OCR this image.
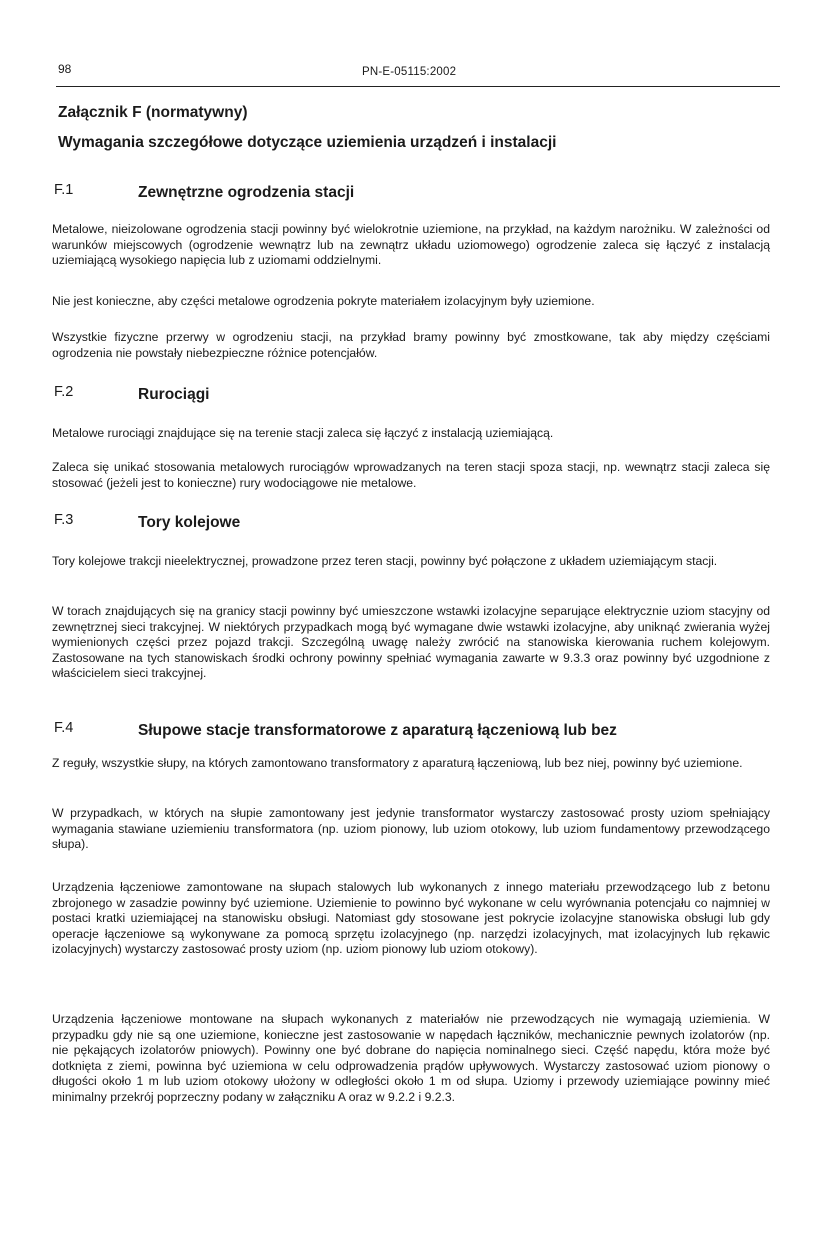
98	PN-E-05115:2002
Załącznik F (normatywny)
Wymagania szczegółowe dotyczące uziemienia urządzeń i instalacji
F.1	Zewnętrzne ogrodzenia stacji

Metalowe, nieizolowane ogrodzenia stacji powinny być wielokrotnie uziemione, na przykład, na każdym narożniku. W zależności od warunków miejscowych (ogrodzenie wewnątrz lub na zewnątrz układu uziomowego) ogrodzenie zaleca się łączyć z instalacją uziemiającą wysokiego napięcia lub z uziomami oddzielnymi.

Nie jest konieczne, aby części metalowe ogrodzenia pokryte materiałem izolacyjnym były uziemione.

Wszystkie fizyczne przerwy w ogrodzeniu stacji, na przykład bramy powinny być zmostkowane, tak aby między częściami ogrodzenia nie powstały niebezpieczne różnice potencjałów.

F.2	Rurociągi

Metalowe rurociągi znajdujące się na terenie stacji zaleca się łączyć z instalacją uziemiającą.

Zaleca się unikać stosowania metalowych rurociągów wprowadzanych na teren stacji spoza stacji, np. wewnątrz stacji zaleca się stosować (jeżeli jest to konieczne) rury wodociągowe nie metalowe.

F.3	Tory kolejowe

Tory kolejowe trakcji nieelektrycznej, prowadzone przez teren stacji, powinny być połączone z układem uziemiającym stacji.

W torach znajdujących się na granicy stacji powinny być umieszczone wstawki izolacyjne separujące elektrycznie uziom stacyjny od zewnętrznej sieci trakcyjnej. W niektórych przypadkach mogą być wymagane dwie wstawki izolacyjne, aby uniknąć zwierania wyżej wymienionych części przez pojazd trakcji. Szczególną uwagę należy zwrócić na stanowiska kierowania ruchem kolejowym. Zastosowane na tych stanowiskach środki ochrony powinny spełniać wymagania zawarte w 9.3.3 oraz powinny być uzgodnione z właścicielem sieci trakcyjnej.

F.4	Słupowe stacje transformatorowe z aparaturą łączeniową lub bez

Z reguły, wszystkie słupy, na których zamontowano transformatory z aparaturą łączeniową, lub bez niej, powinny być uziemione.

W przypadkach, w których na słupie zamontowany jest jedynie transformator wystarczy zastosować prosty uziom spełniający wymagania stawiane uziemieniu transformatora (np. uziom pionowy, lub uziom otokowy, lub uziom fundamentowy przewodzącego słupa).

Urządzenia łączeniowe zamontowane na słupach stalowych lub wykonanych z innego materiału przewodzącego lub z betonu zbrojonego w zasadzie powinny być uziemione. Uziemienie to powinno być wykonane w celu wyrównania potencjału co najmniej w postaci kratki uziemiającej na stanowisku obsługi. Natomiast gdy stosowane jest pokrycie izolacyjne stanowiska obsługi lub gdy operacje łączeniowe są wykonywane za pomocą sprzętu izolacyjnego (np. narzędzi izolacyjnych, mat izolacyjnych lub rękawic izolacyjnych) wystarczy zastosować prosty uziom (np. uziom pionowy lub uziom otokowy).

Urządzenia łączeniowe montowane na słupach wykonanych z materiałów nie przewodzących nie wymagają uziemienia. W przypadku gdy nie są one uziemione, konieczne jest zastosowanie w napędach łączników, mechanicznie pewnych izolatorów (np. nie pękających izolatorów pniowych). Powinny one być dobrane do napięcia nominalnego sieci. Część napędu, która może być dotknięta z ziemi, powinna być uziemiona w celu odprowadzenia prądów upływowych. Wystarczy zastosować uziom pionowy o długości około 1 m lub uziom otokowy ułożony w odległości około 1 m od słupa. Uziomy i przewody uziemiające powinny mieć minimalny przekrój poprzeczny podany w załączniku A oraz w 9.2.2 i 9.2.3.
